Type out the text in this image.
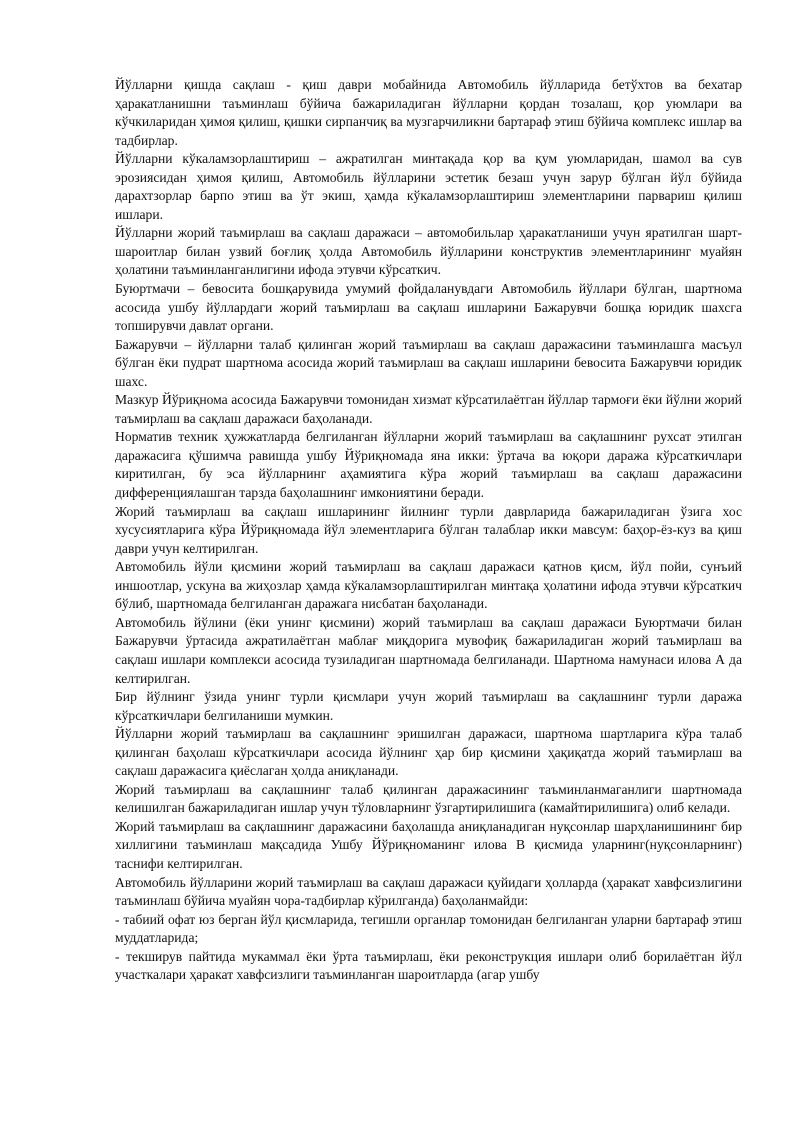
Йўлларни қишда сақлаш - қиш даври мобайнида Автомобиль йўлларида бетўхтов ва бехатар ҳаракатланишни таъминлаш бўйича бажариладиган йўлларни қордан тозалаш, қор уюмлари ва кўчкиларидан ҳимоя қилиш, қишки сирпанчиқ ва музгарчиликни бартараф этиш бўйича комплекс ишлар ва тадбирлар.

Йўлларни кўкаламзорлаштириш – ажратилган минтақада қор ва қум уюмларидан, шамол ва сув эрозиясидан ҳимоя қилиш, Автомобиль йўлларини эстетик безаш учун зарур бўлган йўл бўйида дарахтзорлар барпо этиш ва ўт экиш, ҳамда кўкаламзорлаштириш элементларини парвариш қилиш ишлари.

Йўлларни жорий таъмирлаш ва сақлаш даражаси – автомобильлар ҳаракатланиши учун яратилган шарт-шароитлар билан узвий боғлиқ ҳолда Автомобиль йўлларини конструктив элементларининг муайян ҳолатини таъминланганлигини ифода этувчи кўрсаткич.

Буюртмачи – бевосита бошқарувида умумий фойдаланувдаги Автомобиль йўллари бўлган, шартнома асосида ушбу йўллардаги жорий таъмирлаш ва сақлаш ишларини Бажарувчи бошқа юридик шахсга топширувчи давлат органи.

Бажарувчи – йўлларни талаб қилинган жорий таъмирлаш ва сақлаш даражасини таъминлашга масъул бўлган ёки пудрат шартнома асосида жорий таъмирлаш ва сақлаш ишларини бевосита Бажарувчи юридик шахс.

Мазкур Йўриқнома асосида Бажарувчи томонидан хизмат кўрсатилаётган йўллар тармоғи ёки йўлни жорий таъмирлаш ва сақлаш даражаси баҳоланади.

Норматив техник ҳужжатларда белгиланган йўлларни жорий таъмирлаш ва сақлашнинг рухсат этилган даражасига қўшимча равишда ушбу Йўриқномада яна икки: ўртача ва юқори даража кўрсаткичлари киритилган, бу эса йўлларнинг аҳамиятига кўра жорий таъмирлаш ва сақлаш даражасини дифференциялашган тарзда баҳолашнинг имкониятини беради.

Жорий таъмирлаш ва сақлаш ишларининг йилнинг турли даврларида бажариладиган ўзига хос хусусиятларига кўра Йўриқномада йўл элементларига бўлган талаблар икки мавсум: баҳор-ёз-куз ва қиш даври учун келтирилган.

Автомобиль йўли қисмини жорий таъмирлаш ва сақлаш даражаси қатнов қисм, йўл пойи, сунъий иншоотлар, ускуна ва жиҳозлар ҳамда кўкаламзорлаштирилган минтақа ҳолатини ифода этувчи кўрсаткич бўлиб, шартномада белгиланган даражага нисбатан баҳоланади.

Автомобиль йўлини (ёки унинг қисмини) жорий таъмирлаш ва сақлаш даражаси Буюртмачи билан Бажарувчи ўртасида ажратилаётган маблағ миқдорига мувофиқ бажариладиган жорий таъмирлаш ва сақлаш ишлари комплекси асосида тузиладиган шартномада белгиланади. Шартнома намунаси илова А да келтирилган.

Бир йўлнинг ўзида унинг турли қисмлари учун жорий таъмирлаш ва сақлашнинг турли даража кўрсаткичлари белгиланиши мумкин.

Йўлларни жорий таъмирлаш ва сақлашнинг эришилган даражаси, шартнома шартларига кўра талаб қилинган баҳолаш кўрсаткичлари асосида йўлнинг ҳар бир қисмини ҳақиқатда жорий таъмирлаш ва сақлаш даражасига қиёслаган ҳолда аниқланади.

Жорий таъмирлаш ва сақлашнинг талаб қилинган даражасининг таъминланмаганлиги шартномада келишилган бажариладиган ишлар учун тўловларнинг ўзгартирилишига (камайтирилишига) олиб келади.

Жорий таъмирлаш ва сақлашнинг даражасини баҳолашда аниқланадиган нуқсонлар шарҳланишининг бир хиллигини таъминлаш мақсадида Ушбу Йўриқноманинг илова В қисмида уларнинг(нуқсонларнинг) таснифи келтирилган.

Автомобиль йўлларини жорий таъмирлаш ва сақлаш даражаси қуйидаги ҳолларда (ҳаракат хавфсизлигини таъминлаш бўйича муайян чора-тадбирлар кўрилганда) баҳоланмайди:

- табиий офат юз берган йўл қисмларида, тегишли органлар томонидан белгиланган уларни бартараф этиш муддатларида;

- текширув пайтида мукаммал ёки ўрта таъмирлаш, ёки реконструкция ишлари олиб борилаётган йўл участкалари ҳаракат хавфсизлиги таъминланган шароитларда (агар ушбу
